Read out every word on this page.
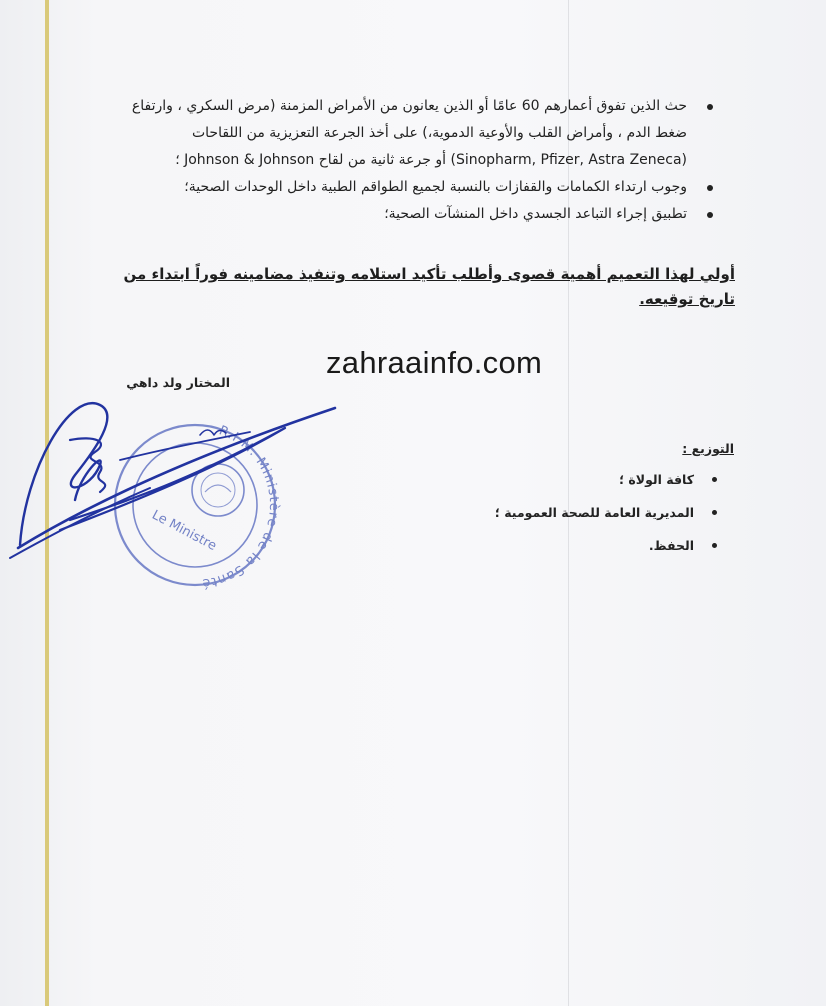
حث الذين تفوق أعمارهم 60 عامًا أو الذين يعانون من الأمراض المزمنة (مرض السكري ، وارتفاع ضغط الدم ، وأمراض القلب والأوعية الدموية،) على أخذ الجرعة التعزيزية من اللقاحات (Sinopharm, Pfizer, Astra Zeneca) أو جرعة ثانية من لقاح Johnson & Johnson ؛
وجوب ارتداء الكمامات والقفازات بالنسبة لجميع الطواقم الطبية داخل الوحدات الصحية؛
تطبيق إجراء التباعد الجسدي داخل المنشآت الصحية؛
أولي لهذا التعميم أهمية قصوى وأطلب تأكيد استلامه وتنفيذ مضامينه فوراً ابتداء من تاريخ توقيعه.
zahraainfo.com
المختار ولد داهي
R.I.M. Ministère de la Santé
Le Ministre
التوزيع :
كافة الولاة ؛
المديرية العامة للصحة العمومية ؛
الحفظ.
